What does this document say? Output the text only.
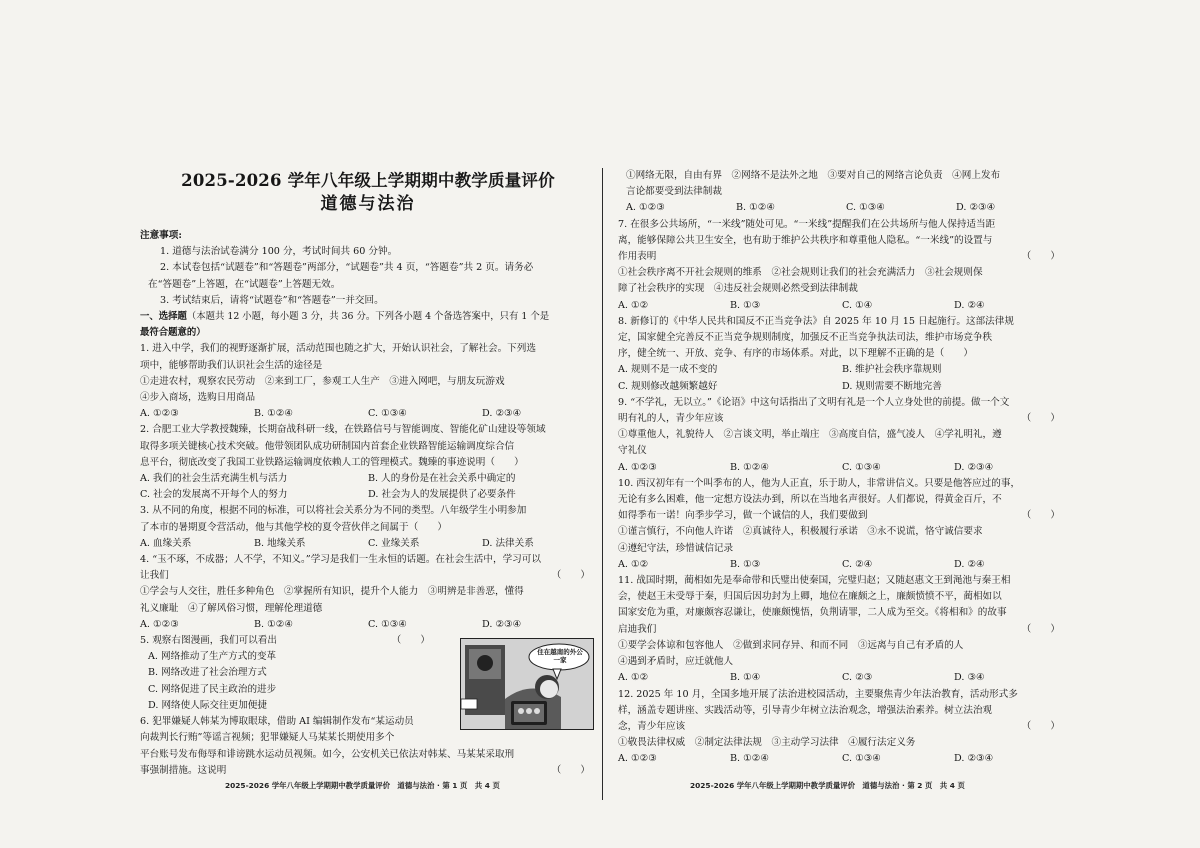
2025-2026 学年八年级上学期期中教学质量评价
道德与法治
注意事项:
1. 道德与法治试卷满分 100 分，考试时间共 60 分钟。
2. 本试卷包括“试题卷”和“答题卷”两部分，“试题卷”共 4 页，“答题卷”共 2 页。请务必
在“答题卷”上答题，在“试题卷”上答题无效。
3. 考试结束后，请将“试题卷”和“答题卷”一并交回。
一、选择题（本题共 12 小题，每小题 3 分，共 36 分。下列各小题 4 个备选答案中，只有 1 个是
最符合题意的）
1. 进入中学，我们的视野逐渐扩展，活动范围也随之扩大，开始认识社会，了解社会。下列选
项中，能够帮助我们认识社会生活的途径是
①走进农村，观察农民劳动　②来到工厂，参观工人生产　③进入网吧，与朋友玩游戏
④步入商场，选购日用商品
A. ①②③	B. ①②④	C. ①③④	D. ②③④
2. 合肥工业大学教授魏臻，长期奋战科研一线，在铁路信号与智能调度、智能化矿山建设等领域
取得多项关键核心技术突破。他带领团队成功研制国内首套企业铁路智能运输调度综合信
息平台，彻底改变了我国工业铁路运输调度依赖人工的管理模式。魏臻的事迹说明（　　）
A. 我们的社会生活充满生机与活力	B. 人的身份是在社会关系中确定的
C. 社会的发展离不开每个人的努力	D. 社会为人的发展提供了必要条件
3. 从不同的角度，根据不同的标准，可以将社会关系分为不同的类型。八年级学生小明参加
了本市的暑期夏令营活动，他与其他学校的夏令营伙伴之间属于（　　）
A. 血缘关系	B. 地缘关系	C. 业缘关系	D. 法律关系
4. “玉不琢，不成器；人不学，不知义。”学习是我们一生永恒的话题。在社会生活中，学习可以
让我们	（　　）
①学会与人交往，胜任多种角色　②掌握所有知识，提升个人能力　③明辨是非善恶，懂得
礼义廉耻　④了解风俗习惯，理解伦理道德
A. ①②③	B. ①②④	C. ①③④	D. ②③④
5. 观察右图漫画，我们可以看出	（　　）
A. 网络推动了生产方式的变革
B. 网络改进了社会治理方式
C. 网络促进了民主政治的进步
D. 网络使人际交往更加便捷
6. 犯罪嫌疑人韩某为博取眼球，借助 AI 编辑制作发布“某运动员
向裁判长行贿”等谣言视频；犯罪嫌疑人马某某长期使用多个
平台账号发布侮辱和诽谤跳水运动员视频。如今，公安机关已依法对韩某、马某某采取刑
事强制措施。这说明	（　　）
住在越南的外公一家
2025-2026 学年八年级上学期期中教学质量评价　道德与法治 · 第 1 页　共 4 页
①网络无限，自由有界　②网络不是法外之地　③要对自己的网络言论负责　④网上发布
言论都要受到法律制裁
A. ①②③	B. ①②④	C. ①③④	D. ②③④
7. 在很多公共场所，“一米线”随处可见。“一米线”提醒我们在公共场所与他人保持适当距
离，能够保障公共卫生安全，也有助于维护公共秩序和尊重他人隐私。“一米线”的设置与
作用表明	（　　）
①社会秩序离不开社会规则的维系　②社会规则让我们的社会充满活力　③社会规则保
障了社会秩序的实现　④违反社会规则必然受到法律制裁
A. ①②	B. ①③	C. ①④	D. ②④
8. 新修订的《中华人民共和国反不正当竞争法》自 2025 年 10 月 15 日起施行。这部法律规
定，国家健全完善反不正当竞争规则制度，加强反不正当竞争执法司法，维护市场竞争秩
序，健全统一、开放、竞争、有序的市场体系。对此，以下理解不正确的是（　　）
A. 规则不是一成不变的	B. 维护社会秩序靠规则
C. 规则修改越频繁越好	D. 规则需要不断地完善
9. “不学礼，无以立。”《论语》中这句话指出了文明有礼是一个人立身处世的前提。做一个文
明有礼的人，青少年应该	（　　）
①尊重他人，礼貌待人　②言谈文明，举止端庄　③高度自信，盛气凌人　④学礼明礼，遵
守礼仪
A. ①②③	B. ①②④	C. ①③④	D. ②③④
10. 西汉初年有一个叫季布的人，他为人正直，乐于助人，非常讲信义。只要是他答应过的事，
无论有多么困难，他一定想方设法办到，所以在当地名声很好。人们都说，得黄金百斤，不
如得季布一诺！向季步学习，做一个诚信的人，我们要做到	（　　）
①谨言慎行，不向他人许诺　②真诚待人，积极履行承诺　③永不说谎，恪守诚信要求
④遵纪守法，珍惜诚信记录
A. ①②	B. ①③	C. ②④	D. ②④
11. 战国时期，蔺相如先是奉命带和氏璧出使秦国，完璧归赵；又随赵惠文王到渑池与秦王相
会，使赵王未受辱于秦，归国后因功封为上卿，地位在廉颇之上，廉颇愤愤不平，蔺相如以
国家安危为重，对廉颇容忍谦让，使廉颇愧悟，负荆请罪，二人成为至交。《将相和》的故事
启迪我们	（　　）
①要学会体谅和包容他人　②做到求同存异、和而不同　③远离与自己有矛盾的人
④遇到矛盾时，应迁就他人
A. ①②	B. ①④	C. ②③	D. ③④
12. 2025 年 10 月，全国多地开展了法治进校园活动，主要聚焦青少年法治教育，活动形式多
样，涵盖专题讲座、实践活动等，引导青少年树立法治观念，增强法治素养。树立法治观
念，青少年应该	（　　）
①敬畏法律权威　②制定法律法规　③主动学习法律　④履行法定义务
A. ①②③	B. ①②④	C. ①③④	D. ②③④
2025-2026 学年八年级上学期期中教学质量评价　道德与法治 · 第 2 页　共 4 页
